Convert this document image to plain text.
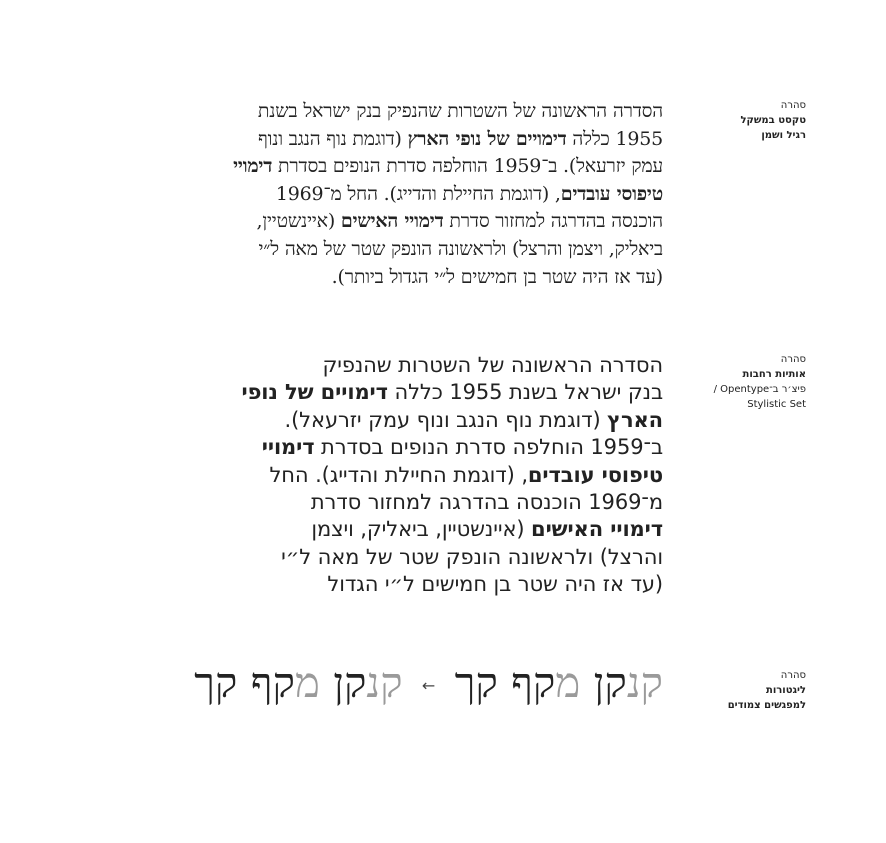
סהרה
טקסט במשקל
רגיל ושמן
הסדרה הראשונה של השטרות שהנפיק בנק ישראל בשנת
1955 כללה דימויים של נופי הארץ (דוגמת נוף הנגב ונוף
עמק יזרעאל). ב־1959 הוחלפה סדרת הנופים בסדרת דימויי
טיפוסי עובדים, (דוגמת החיילת והדייג). החל מ־1969
הוכנסה בהדרגה למחזור סדרת דימויי האישים (איינשטיין,
ביאליק, ויצמן והרצל) ולראשונה הונפק שטר של מאה ל״י
(עד אז היה שטר בן חמישים ל״י הגדול ביותר).
סהרה
אותיות רחבות
פיצ׳ר ב־Opentype /
Stylistic Set
הסדרה הראשונה של השטרות שהנפיק
בנק ישראל בשנת 1955 כללה דימויים של נופי
הארץ (דוגמת נוף הנגב ונוף עמק יזרעאל).
ב־1959 הוחלפה סדרת הנופים בסדרת דימויי
טיפוסי עובדים, (דוגמת החיילת והדייג). החל
מ־1969 הוכנסה בהדרגה למחזור סדרת
דימויי האישים (איינשטיין, ביאליק, ויצמן
והרצל) ולראשונה הונפק שטר של מאה ל״י
(עד אז היה שטר בן חמישים ל״י הגדול
סהרה
ליגטורות
למפגשים צמודים
קנקן מקף קך ← קנקן מקף קך
